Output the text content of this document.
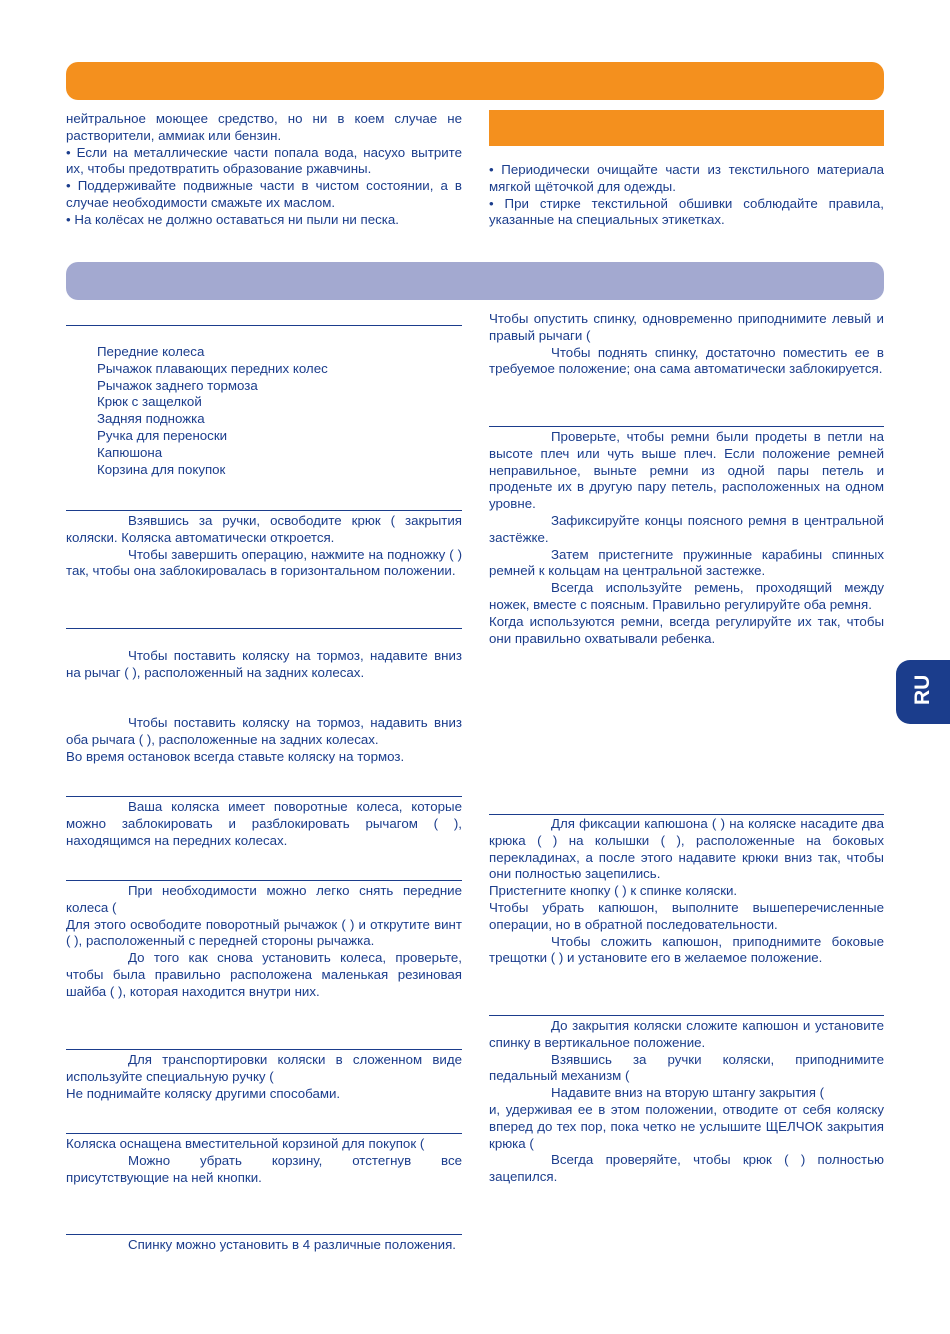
нейтральное моющее средство, но ни в коем случае не растворители, аммиак или бензин.

• Если на металлические части попала вода, насухо вытрите их, чтобы предотвратить образование ржавчины.

• Поддерживайте подвижные части в чистом состоянии, а в случае необходимости смажьте их маслом.

• На колёсах не должно оставаться ни пыли ни песка.

• Периодически очищайте части из текстильного материала мягкой щёточкой для одежды.

• При стирке текстильной обшивки соблюдайте правила, указанные на специальных этикетках.

Передние колеса
Рычажок плавающих передних колес
Рычажок заднего тормоза
Крюк с защелкой
Задняя подножка
Ручка для переноски
Капюшона
Корзина для покупок

Взявшись за ручки, освободите крюк ( закрытия коляски. Коляска автоматически откроется.

Чтобы завершить операцию, нажмите на подножку ( ) так, чтобы она заблокировалась в горизонтальном положении.

Чтобы поставить коляску на тормоз, надавите вниз на рычаг ( ), расположенный на задних колесах.

Чтобы поставить коляску на тормоз, надавить вниз оба рычага ( ), расположенные на задних колесах.

Во время остановок всегда ставьте коляску на тормоз.

Ваша коляска имеет поворотные колеса, которые можно заблокировать и разблокировать рычагом ( ), находящимся на передних колесах.

При необходимости можно легко снять передние колеса (

Для этого освободите поворотный рычажок ( ) и открутите винт ( ), расположенный с передней стороны рычажка.

До того как снова установить колеса, проверьте, чтобы была правильно расположена маленькая резиновая шайба ( ), которая находится внутри них.

Для транспортировки коляски в сложенном виде используйте специальную ручку (

Не поднимайте коляску другими способами.

Коляска оснащена вместительной корзиной для покупок (

Можно убрать корзину, отстегнув все присутствующие на ней кнопки.

Спинку можно установить в 4 различные положения.

Чтобы опустить спинку, одновременно приподнимите левый и правый рычаги (

Чтобы поднять спинку, достаточно поместить ее в требуемое положение; она сама автоматически заблокируется.

Проверьте, чтобы ремни были продеты в петли на высоте плеч или чуть выше плеч. Если положение ремней неправильное, выньте ремни из одной пары петель и проденьте их в другую пару петель, расположенных на одном уровне.

Зафиксируйте концы поясного ремня в центральной застёжке.

Затем пристегните пружинные карабины спинных ремней к кольцам на центральной застежке.

Всегда используйте ремень, проходящий между ножек, вместе с поясным. Правильно регулируйте оба ремня.

Когда используются ремни, всегда регулируйте их так, чтобы они правильно охватывали ребенка.

Для фиксации капюшона ( ) на коляске насадите два крюка ( ) на колышки ( ), расположенные на боковых перекладинах, а после этого надавите крюки вниз так, чтобы они полностью зацепились.

Пристегните кнопку ( ) к спинке коляски.

Чтобы убрать капюшон, выполните вышеперечисленные операции, но в обратной последовательности.

Чтобы сложить капюшон, приподнимите боковые трещотки ( ) и установите его в желаемое положение.

До закрытия коляски сложите капюшон и установите спинку в вертикальное положение.

Взявшись за ручки коляски, приподнимите педальный механизм (

Надавите вниз на вторую штангу закрытия (

и, удерживая ее в этом положении, отводите от себя коляску вперед до тех пор, пока четко не услышите ЩЕЛЧОК закрытия крюка (

Всегда проверяйте, чтобы крюк ( ) полностью зацепился.

RU
